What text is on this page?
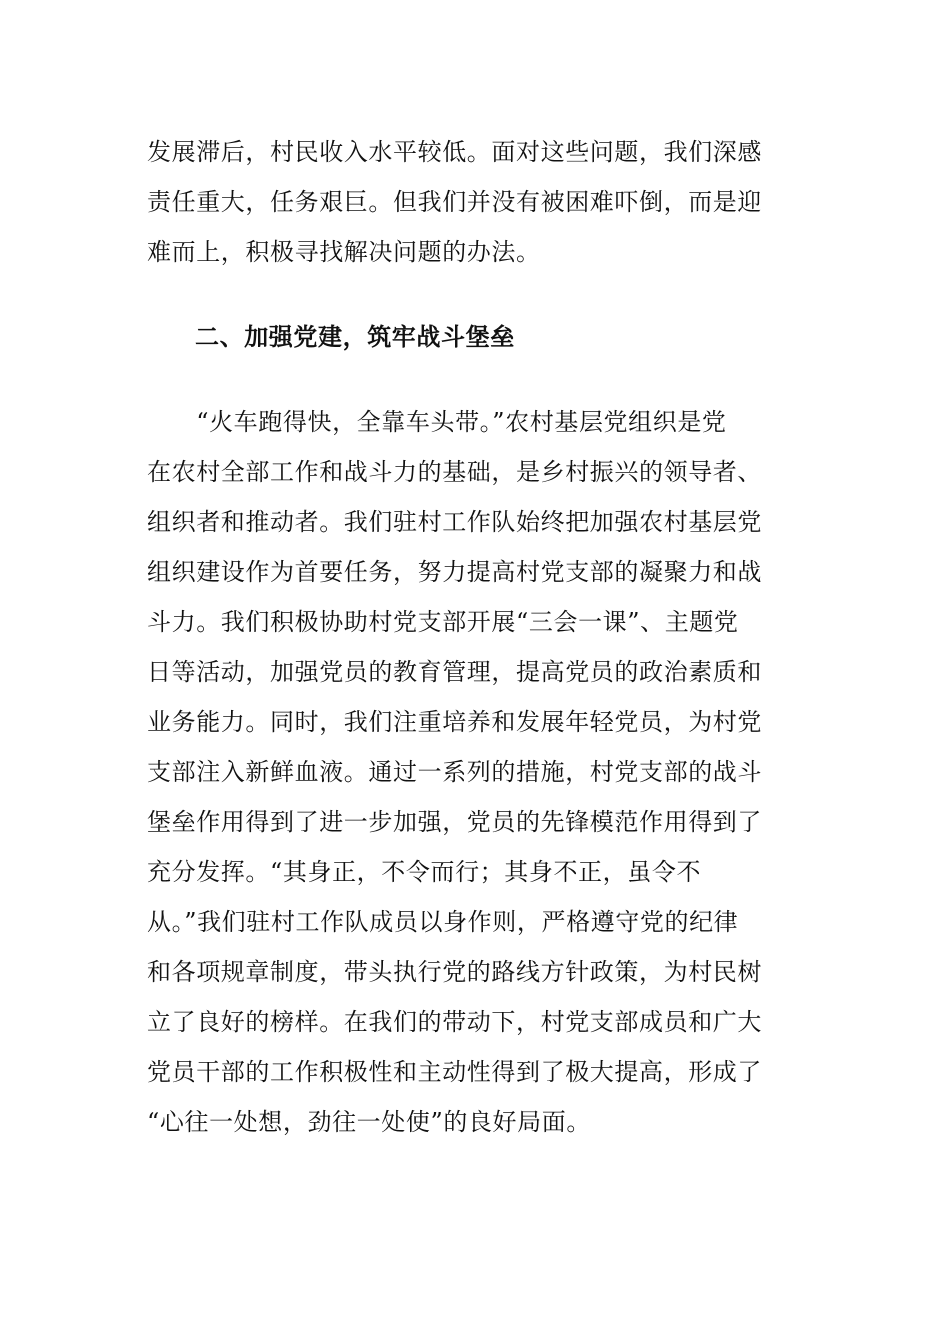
发展滞后，村民收入水平较低。面对这些问题，我们深感
责任重大，任务艰巨。但我们并没有被困难吓倒，而是迎
难而上，积极寻找解决问题的办法。
二、加强党建，筑牢战斗堡垒
　　“火车跑得快，全靠车头带。”农村基层党组织是党
在农村全部工作和战斗力的基础，是乡村振兴的领导者、
组织者和推动者。我们驻村工作队始终把加强农村基层党
组织建设作为首要任务，努力提高村党支部的凝聚力和战
斗力。我们积极协助村党支部开展“三会一课”、主题党
日等活动，加强党员的教育管理，提高党员的政治素质和
业务能力。同时，我们注重培养和发展年轻党员，为村党
支部注入新鲜血液。通过一系列的措施，村党支部的战斗
堡垒作用得到了进一步加强，党员的先锋模范作用得到了
充分发挥。“其身正，不令而行；其身不正，虽令不
从。”我们驻村工作队成员以身作则，严格遵守党的纪律
和各项规章制度，带头执行党的路线方针政策，为村民树
立了良好的榜样。在我们的带动下，村党支部成员和广大
党员干部的工作积极性和主动性得到了极大提高，形成了
“心往一处想，劲往一处使”的良好局面。
